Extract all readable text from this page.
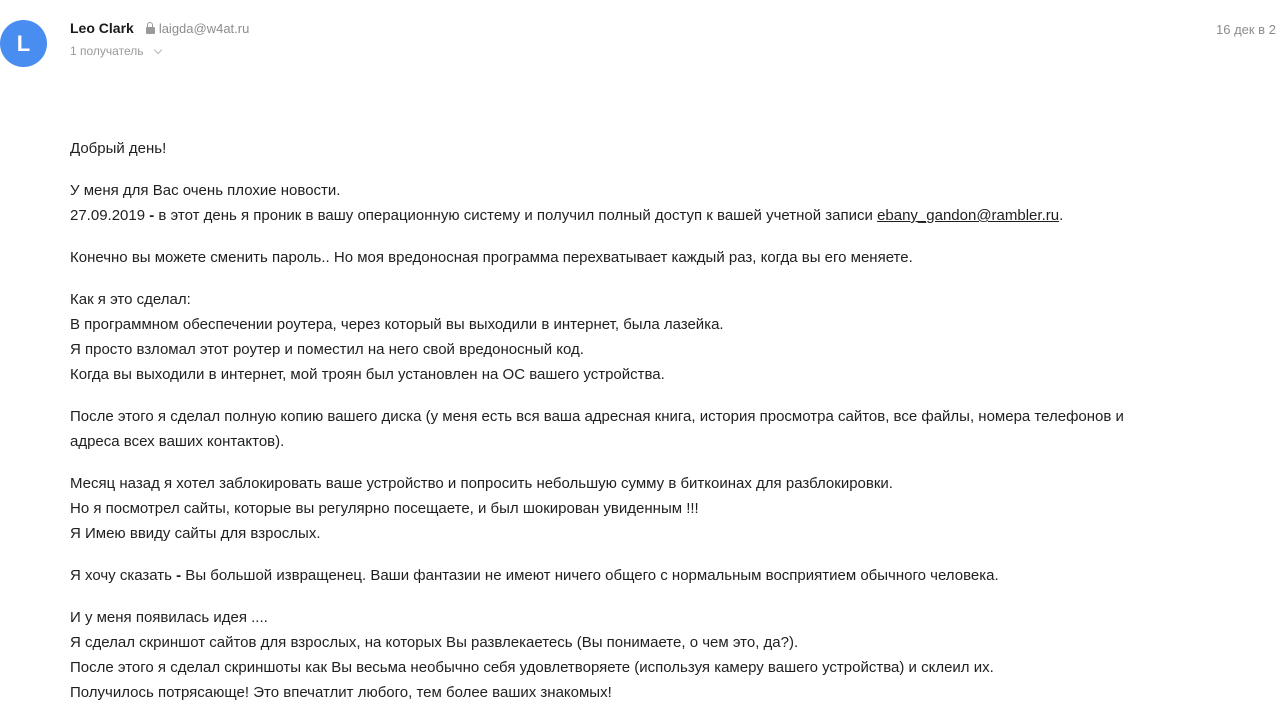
L
Leo Clark laigda@w4at.ru
1 получатель
16 дек в 2

Добрый день!

У меня для Вас очень плохие новости.
27.09.2019 - в этот день я проник в вашу операционную систему и получил полный доступ к вашей учетной записи ebany_gandon@rambler.ru.

Конечно вы можете сменить пароль.. Но моя вредоносная программа перехватывает каждый раз, когда вы его меняете.

Как я это сделал:
В программном обеспечении роутера, через который вы выходили в интернет, была лазейка.
Я просто взломал этот роутер и поместил на него свой вредоносный код.
Когда вы выходили в интернет, мой троян был установлен на ОС вашего устройства.

После этого я сделал полную копию вашего диска (у меня есть вся ваша адресная книга, история просмотра сайтов, все файлы, номера телефонов и
адреса всех ваших контактов).

Месяц назад я хотел заблокировать ваше устройство и попросить небольшую сумму в биткоинах для разблокировки.
Но я посмотрел сайты, которые вы регулярно посещаете, и был шокирован увиденным !!!
Я Имею ввиду сайты для взрослых.

Я хочу сказать - Вы большой извращенец. Ваши фантазии не имеют ничего общего с нормальным восприятием обычного человека.

И у меня появилась идея ....
Я сделал скриншот сайтов для взрослых, на которых Вы развлекаетесь (Вы понимаете, о чем это, да?).
После этого я сделал скриншоты как Вы весьма необычно себя удовлетворяете (используя камеру вашего устройства) и склеил их.
Получилось потрясающе! Это впечатлит любого, тем более ваших знакомых!
